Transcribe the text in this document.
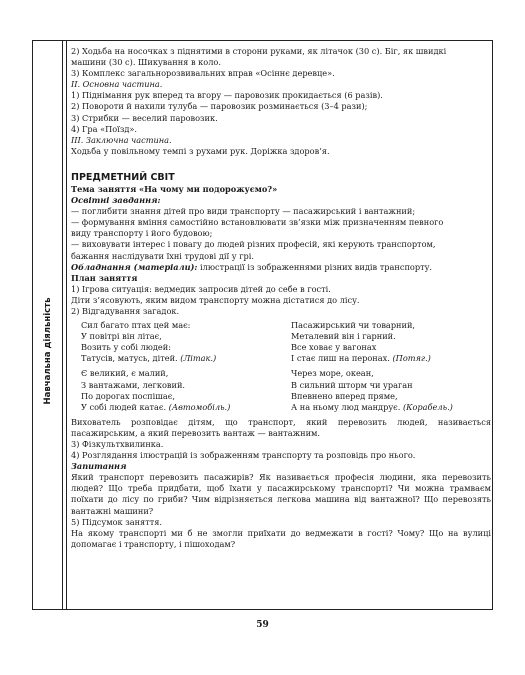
Навчальна діяльність

2) Ходьба на носочках з піднятими в сторони руками, як літачок (30 с). Біг, як швидкі

машини (30 с). Шикування в коло.

3) Комплекс загальнорозвивальних вправ «Осіннє деревце».

II. Основна частина.

1) Піднімання рук вперед та вгору — паровозик прокидається (6 разів).

2) Повороти й нахили тулуба — паровозик розминається (3–4 рази);

3) Стрибки — веселий паровозик.

4) Гра «Поїзд».

III. Заключна частина.

Ходьба у повільному темпі з рухами рук. Доріжка здоров’я.

ПРЕДМЕТНИЙ СВІТ

Тема заняття «На чому ми подорожуємо?»

Освітні завдання:

— поглибити знання дітей про види транспорту — пасажирський і вантажний;

— формування вміння самостійно встановлювати зв’язки між призначенням певного

виду транспорту і його будовою;

— виховувати інтерес і повагу до людей різних професій, які керують транспортом,

бажання наслідувати їхні трудові дії у грі.

Обладнання (матеріали): ілюстрації із зображеннями різних видів транспорту.

План заняття

1) Ігрова ситуація: ведмедик запросив дітей до себе в гості.

Діти з’ясовують, яким видом транспорту можна дістатися до лісу.

2) Відгадування загадок.

Сил багато птах цей має:
У повітрі він літає,
Возить у собі людей:
Татусів, матусь, дітей. (Літак.)
Пасажирський чи товарний,
Металевий він і гарний.
Все ховає у вагонах
І стає лиш на перонах. (Потяг.)
Є великий, є малий,
З вантажами, легковий.
По дорогах поспішає,
У собі людей катає. (Автомобіль.)
Через море, океан,
В сильний шторм чи ураган
Впевнено вперед пряме,
А на ньому люд мандрує. (Корабель.)

Вихователь розповідає дітям, що транспорт, який перевозить людей, називається пасажирським, а який перевозить вантаж — вантажним.

3) Фізкультхвилинка.

4) Розглядання ілюстрацій із зображенням транспорту та розповідь про нього.

Запитання

Який транспорт перевозить пасажирів? Як називається професія людини, яка перевозить людей? Що треба придбати, щоб їхати у пасажирському транспорті? Чи можна трамваєм поїхати до лісу по гриби? Чим відрізняється легкова машина від вантажної? Що перевозять вантажні машини?

5) Підсумок заняття.

На якому транспорті ми б не змогли приїхати до ведмежати в гості? Чому? Що на вулиці допомагає і транспорту, і пішоходам?

59
